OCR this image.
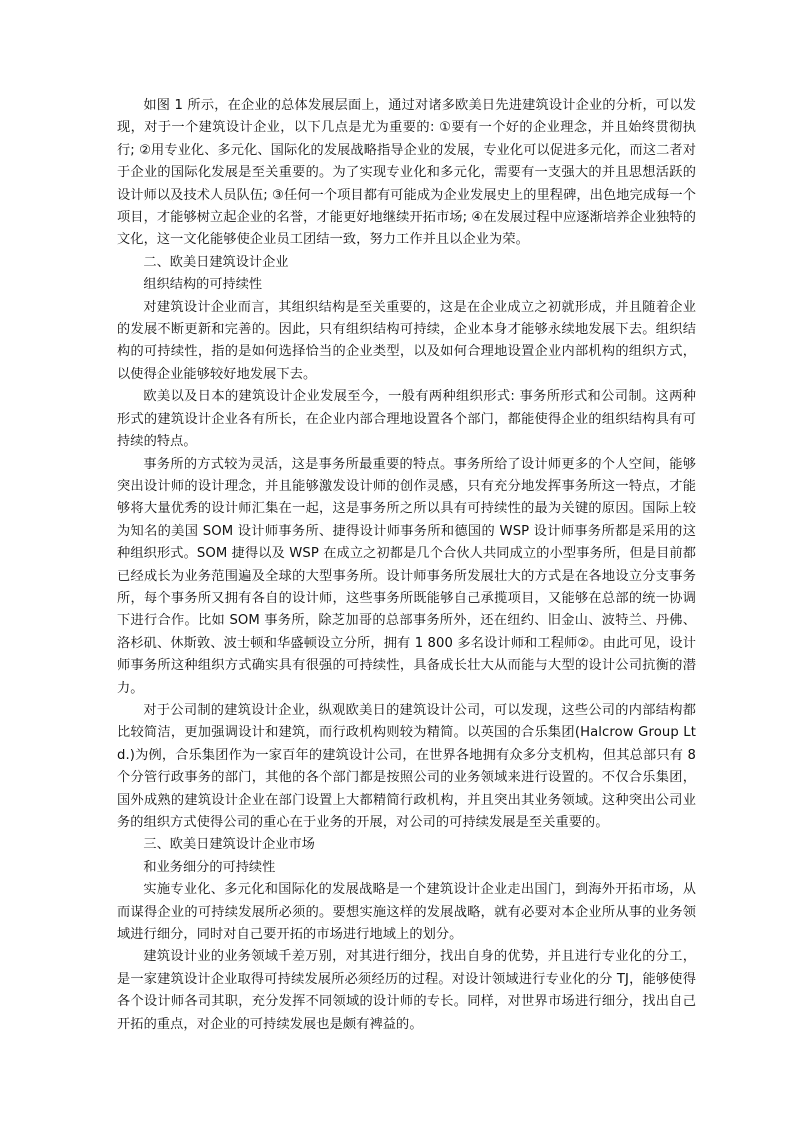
如图 1 所示，在企业的总体发展层面上，通过对诸多欧美日先进建筑设计企业的分析，可以发现，对于一个建筑设计企业，以下几点是尤为重要的: ①要有一个好的企业理念，并且始终贯彻执行; ②用专业化、多元化、国际化的发展战略指导企业的发展，专业化可以促进多元化，而这二者对于企业的国际化发展是至关重要的。为了实现专业化和多元化，需要有一支强大的并且思想活跃的设计师以及技术人员队伍; ③任何一个项目都有可能成为企业发展史上的里程碑，出色地完成每一个项目，才能够树立起企业的名誉，才能更好地继续开拓市场; ④在发展过程中应逐渐培养企业独特的文化，这一文化能够使企业员工团结一致，努力工作并且以企业为荣。

二、欧美日建筑设计企业

组织结构的可持续性

对建筑设计企业而言，其组织结构是至关重要的，这是在企业成立之初就形成，并且随着企业的发展不断更新和完善的。因此，只有组织结构可持续，企业本身才能够永续地发展下去。组织结构的可持续性，指的是如何选择恰当的企业类型，以及如何合理地设置企业内部机构的组织方式，以使得企业能够较好地发展下去。

欧美以及日本的建筑设计企业发展至今，一般有两种组织形式: 事务所形式和公司制。这两种形式的建筑设计企业各有所长，在企业内部合理地设置各个部门，都能使得企业的组织结构具有可持续的特点。

事务所的方式较为灵活，这是事务所最重要的特点。事务所给了设计师更多的个人空间，能够突出设计师的设计理念，并且能够激发设计师的创作灵感，只有充分地发挥事务所这一特点，才能够将大量优秀的设计师汇集在一起，这是事务所之所以具有可持续性的最为关键的原因。国际上较为知名的美国 SOM 设计师事务所、捷得设计师事务所和德国的 WSP 设计师事务所都是采用的这种组织形式。SOM 捷得以及 WSP 在成立之初都是几个合伙人共同成立的小型事务所，但是目前都已经成长为业务范围遍及全球的大型事务所。设计师事务所发展壮大的方式是在各地设立分支事务所，每个事务所又拥有各自的设计师，这些事务所既能够自己承揽项目，又能够在总部的统一协调下进行合作。比如 SOM 事务所，除芝加哥的总部事务所外，还在纽约、旧金山、波特兰、丹佛、洛杉矶、休斯敦、波士顿和华盛顿设立分所，拥有 1 800 多名设计师和工程师②。由此可见，设计师事务所这种组织方式确实具有很强的可持续性，具备成长壮大从而能与大型的设计公司抗衡的潜力。

对于公司制的建筑设计企业，纵观欧美日的建筑设计公司，可以发现，这些公司的内部结构都比较简洁，更加强调设计和建筑，而行政机构则较为精简。以英国的合乐集团(Halcrow Group Ltd.)为例，合乐集团作为一家百年的建筑设计公司，在世界各地拥有众多分支机构，但其总部只有 8 个分管行政事务的部门，其他的各个部门都是按照公司的业务领域来进行设置的。不仅合乐集团，国外成熟的建筑设计企业在部门设置上大都精简行政机构，并且突出其业务领域。这种突出公司业务的组织方式使得公司的重心在于业务的开展，对公司的可持续发展是至关重要的。

三、欧美日建筑设计企业市场

和业务细分的可持续性

实施专业化、多元化和国际化的发展战略是一个建筑设计企业走出国门，到海外开拓市场，从而谋得企业的可持续发展所必须的。要想实施这样的发展战略，就有必要对本企业所从事的业务领域进行细分，同时对自己要开拓的市场进行地域上的划分。

建筑设计业的业务领域千差万别，对其进行细分，找出自身的优势，并且进行专业化的分工，是一家建筑设计企业取得可持续发展所必须经历的过程。对设计领域进行专业化的分 TJ，能够使得各个设计师各司其职，充分发挥不同领域的设计师的专长。同样，对世界市场进行细分，找出自己开拓的重点，对企业的可持续发展也是颇有裨益的。
